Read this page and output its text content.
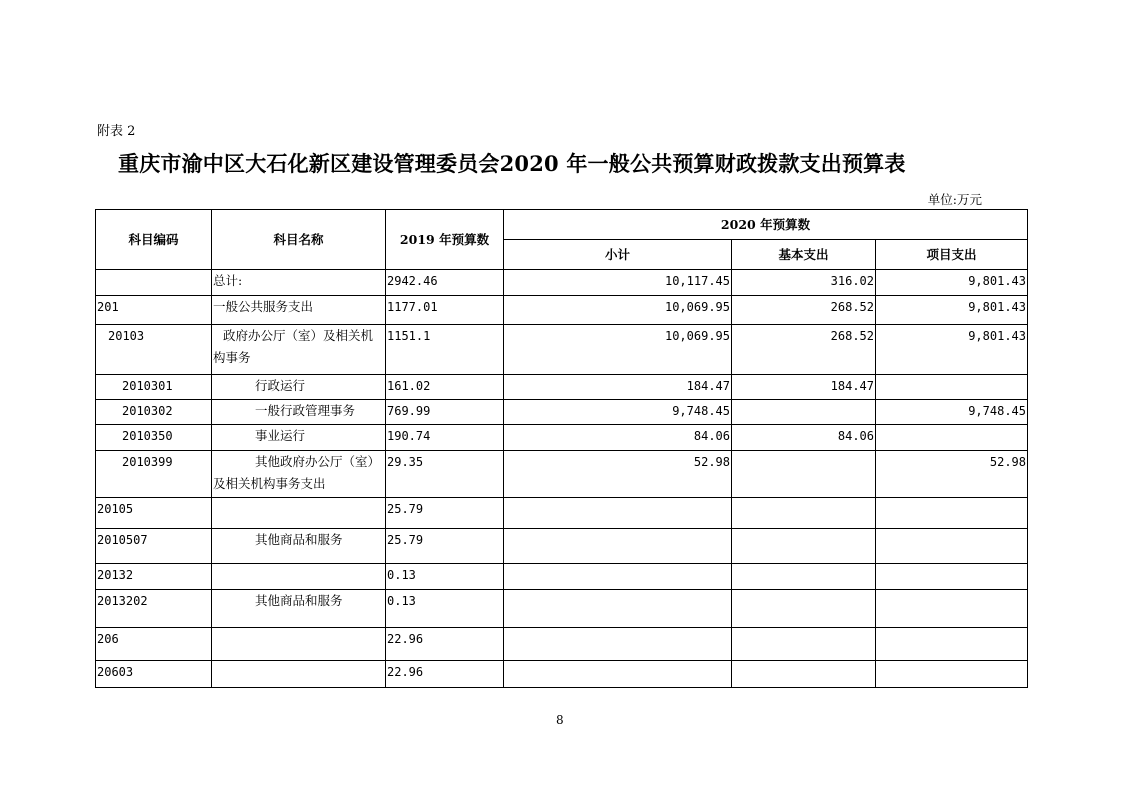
附表 2
重庆市渝中区大石化新区建设管理委员会2020 年一般公共预算财政拨款支出预算表
单位:万元
科目编码	科目名称	2019 年预算数	2020 年预算数		
			小计	基本支出	项目支出
	总计:	2942.46	10,117.45	316.02	9,801.43
201	一般公共服务支出	1177.01	10,069.95	268.52	9,801.43
20103	政府办公厅（室）及相关机构事务	1151.1	10,069.95	268.52	9,801.43
2010301	行政运行	161.02	184.47	184.47	
2010302	一般行政管理事务	769.99	9,748.45		9,748.45
2010350	事业运行	190.74	84.06	84.06	
2010399	其他政府办公厅（室）及相关机构事务支出	29.35	52.98		52.98
20105		25.79			
2010507	其他商品和服务	25.79			
20132		0.13			
2013202	其他商品和服务	0.13			
206		22.96			
20603		22.96			
8
